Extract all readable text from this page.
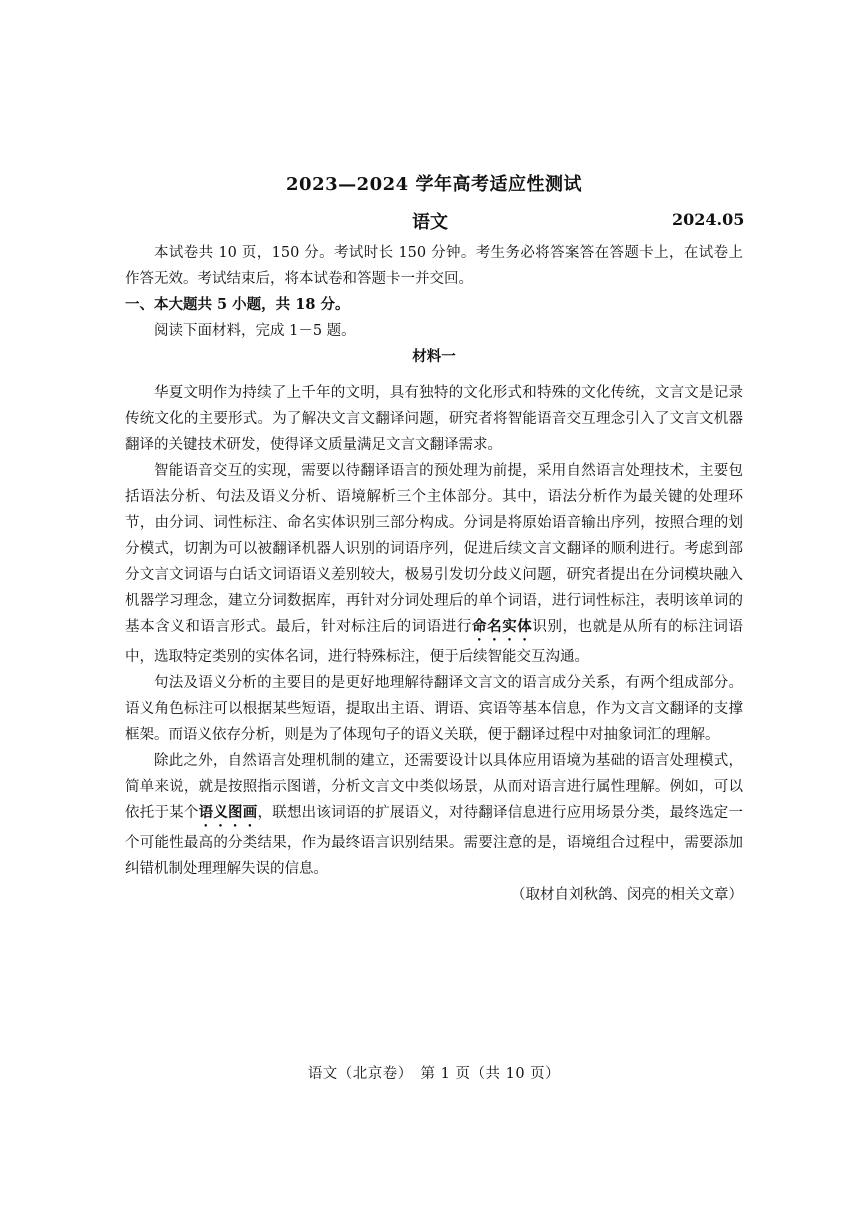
2023—2024 学年高考适应性测试
语文	2024.05

本试卷共 10 页，150 分。考试时长 150 分钟。考生务必将答案答在答题卡上，在试卷上作答无效。考试结束后，将本试卷和答题卡一并交回。

一、本大题共 5 小题，共 18 分。

阅读下面材料，完成 1－5 题。

材料一

华夏文明作为持续了上千年的文明，具有独特的文化形式和特殊的文化传统，文言文是记录传统文化的主要形式。为了解决文言文翻译问题，研究者将智能语音交互理念引入了文言文机器翻译的关键技术研发，使得译文质量满足文言文翻译需求。

智能语音交互的实现，需要以待翻译语言的预处理为前提，采用自然语言处理技术，主要包括语法分析、句法及语义分析、语境解析三个主体部分。其中，语法分析作为最关键的处理环节，由分词、词性标注、命名实体识别三部分构成。分词是将原始语音输出序列，按照合理的划分模式，切割为可以被翻译机器人识别的词语序列，促进后续文言文翻译的顺利进行。考虑到部分文言文词语与白话文词语语义差别较大，极易引发切分歧义问题，研究者提出在分词模块融入机器学习理念，建立分词数据库，再针对分词处理后的单个词语，进行词性标注，表明该单词的基本含义和语言形式。最后，针对标注后的词语进行命名实体识别，也就是从所有的标注词语中，选取特定类别的实体名词，进行特殊标注，便于后续智能交互沟通。

句法及语义分析的主要目的是更好地理解待翻译文言文的语言成分关系，有两个组成部分。语义角色标注可以根据某些短语，提取出主语、谓语、宾语等基本信息，作为文言文翻译的支撑框架。而语义依存分析，则是为了体现句子的语义关联，便于翻译过程中对抽象词汇的理解。

除此之外，自然语言处理机制的建立，还需要设计以具体应用语境为基础的语言处理模式，简单来说，就是按照指示图谱，分析文言文中类似场景，从而对语言进行属性理解。例如，可以依托于某个语义图画，联想出该词语的扩展语义，对待翻译信息进行应用场景分类，最终选定一个可能性最高的分类结果，作为最终语言识别结果。需要注意的是，语境组合过程中，需要添加纠错机制处理理解失误的信息。

（取材自刘秋鸽、闵亮的相关文章）

语文（北京卷）　第 1 页（共 10 页）
